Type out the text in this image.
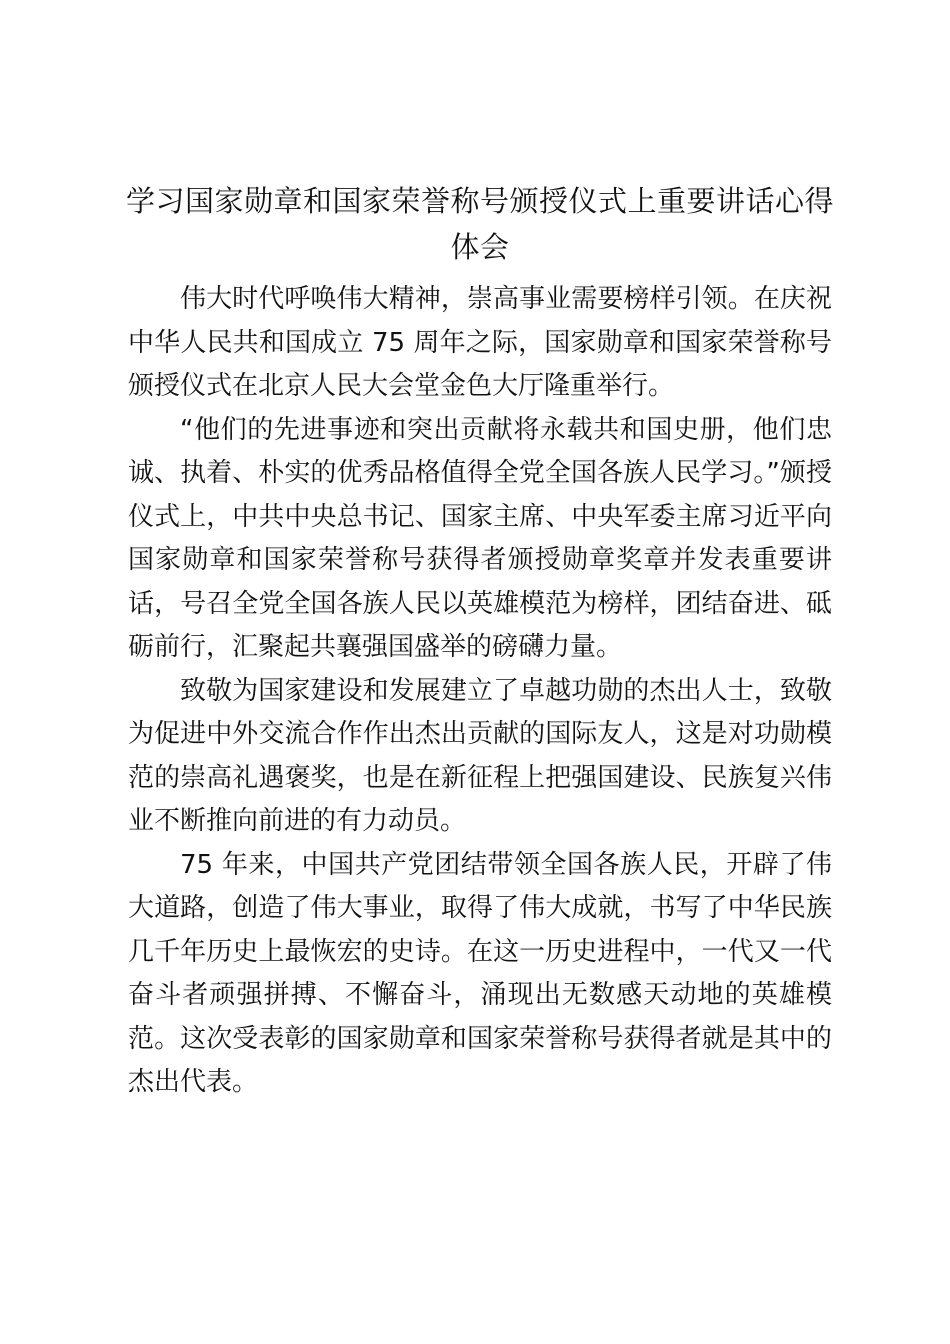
学习国家勋章和国家荣誉称号颁授仪式上重要讲话心得体会

伟大时代呼唤伟大精神，崇高事业需要榜样引领。在庆祝中华人民共和国成立 75 周年之际，国家勋章和国家荣誉称号颁授仪式在北京人民大会堂金色大厅隆重举行。

“他们的先进事迹和突出贡献将永载共和国史册，他们忠诚、执着、朴实的优秀品格值得全党全国各族人民学习。”颁授仪式上，中共中央总书记、国家主席、中央军委主席习近平向国家勋章和国家荣誉称号获得者颁授勋章奖章并发表重要讲话，号召全党全国各族人民以英雄模范为榜样，团结奋进、砥砺前行，汇聚起共襄强国盛举的磅礴力量。

致敬为国家建设和发展建立了卓越功勋的杰出人士，致敬为促进中外交流合作作出杰出贡献的国际友人，这是对功勋模范的崇高礼遇褒奖，也是在新征程上把强国建设、民族复兴伟业不断推向前进的有力动员。

75 年来，中国共产党团结带领全国各族人民，开辟了伟大道路，创造了伟大事业，取得了伟大成就，书写了中华民族几千年历史上最恢宏的史诗。在这一历史进程中，一代又一代奋斗者顽强拼搏、不懈奋斗，涌现出无数感天动地的英雄模范。这次受表彰的国家勋章和国家荣誉称号获得者就是其中的杰出代表。
